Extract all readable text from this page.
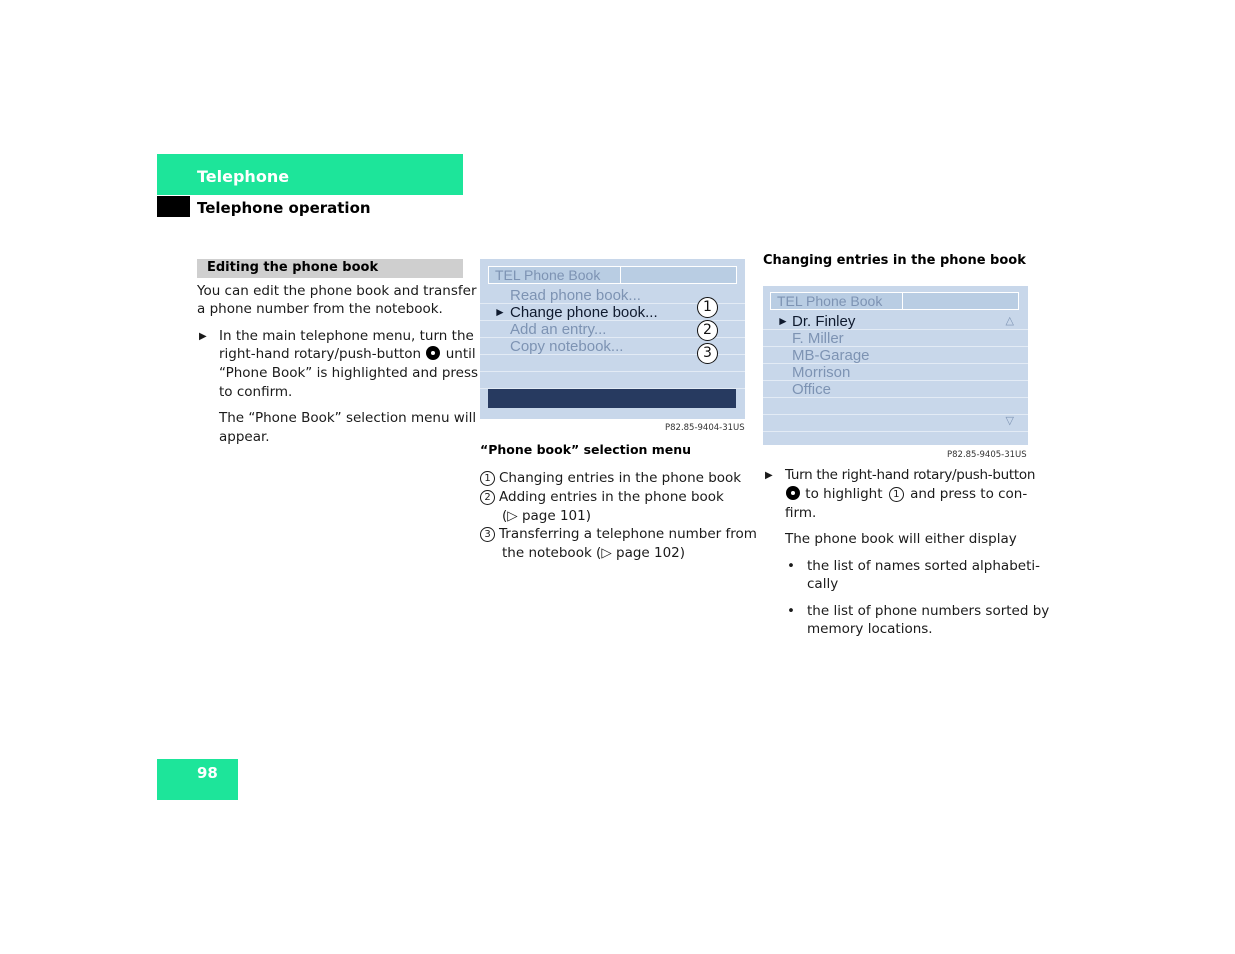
Telephone
Telephone operation
Editing the phone book
You can edit the phone book and transfer
a phone number from the notebook.
▶ In the main telephone menu, turn the
right-hand rotary/push-button until
“Phone Book” is highlighted and press
to confirm.
The “Phone Book” selection menu will
appear.
TEL Phone Book
Read phone book...
► Change phone book...
Add an entry...
Copy notebook...
1
2
3
P82.85-9404-31US
“Phone book” selection menu
1 Changing entries in the phone book
2 Adding entries in the phone book
(▷ page 101)
3 Transferring a telephone number from
the notebook (▷ page 102)
Changing entries in the phone book
TEL Phone Book
► Dr. Finley	△
F. Miller
MB-Garage
Morrison
Office
▽
P82.85-9405-31US
▶ Turn the right-hand rotary/push-button
to highlight 1 and press to con-
firm.
The phone book will either display
• the list of names sorted alphabeti-
cally
• the list of phone numbers sorted by
memory locations.
98
